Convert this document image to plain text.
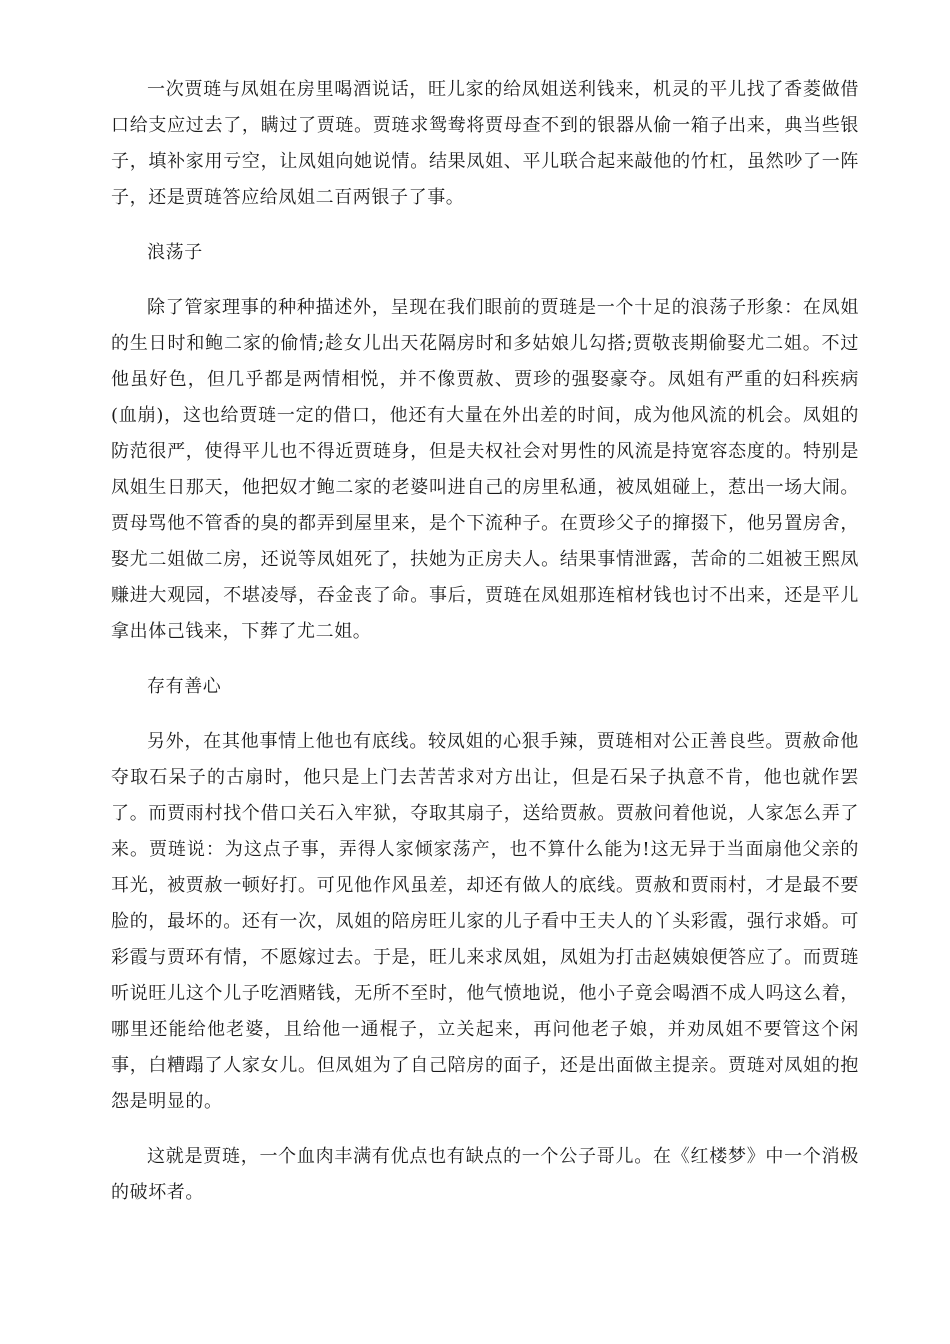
一次贾琏与凤姐在房里喝酒说话，旺儿家的给凤姐送利钱来，机灵的平儿找了香菱做借口给支应过去了，瞒过了贾琏。贾琏求鸳鸯将贾母查不到的银器从偷一箱子出来，典当些银子，填补家用亏空，让凤姐向她说情。结果凤姐、平儿联合起来敲他的竹杠，虽然吵了一阵子，还是贾琏答应给凤姐二百两银子了事。

浪荡子

除了管家理事的种种描述外，呈现在我们眼前的贾琏是一个十足的浪荡子形象：在凤姐的生日时和鲍二家的偷情;趁女儿出天花隔房时和多姑娘儿勾搭;贾敬丧期偷娶尤二姐。不过他虽好色，但几乎都是两情相悦，并不像贾赦、贾珍的强娶豪夺。凤姐有严重的妇科疾病(血崩)，这也给贾琏一定的借口，他还有大量在外出差的时间，成为他风流的机会。凤姐的防范很严，使得平儿也不得近贾琏身，但是夫权社会对男性的风流是持宽容态度的。特别是凤姐生日那天，他把奴才鲍二家的老婆叫进自己的房里私通，被凤姐碰上，惹出一场大闹。贾母骂他不管香的臭的都弄到屋里来，是个下流种子。在贾珍父子的撺掇下，他另置房舍，娶尤二姐做二房，还说等凤姐死了，扶她为正房夫人。结果事情泄露，苦命的二姐被王熙凤赚进大观园，不堪凌辱，吞金丧了命。事后，贾琏在凤姐那连棺材钱也讨不出来，还是平儿拿出体己钱来，下葬了尤二姐。

存有善心

另外，在其他事情上他也有底线。较凤姐的心狠手辣，贾琏相对公正善良些。贾赦命他夺取石呆子的古扇时，他只是上门去苦苦求对方出让，但是石呆子执意不肯，他也就作罢了。而贾雨村找个借口关石入牢狱，夺取其扇子，送给贾赦。贾赦问着他说，人家怎么弄了来。贾琏说：为这点子事，弄得人家倾家荡产，也不算什么能为!这无异于当面扇他父亲的耳光，被贾赦一顿好打。可见他作风虽差，却还有做人的底线。贾赦和贾雨村，才是最不要脸的，最坏的。还有一次，凤姐的陪房旺儿家的儿子看中王夫人的丫头彩霞，强行求婚。可彩霞与贾环有情，不愿嫁过去。于是，旺儿来求凤姐，凤姐为打击赵姨娘便答应了。而贾琏听说旺儿这个儿子吃酒赌钱，无所不至时，他气愤地说，他小子竟会喝酒不成人吗这么着，哪里还能给他老婆，且给他一通棍子，立关起来，再问他老子娘，并劝凤姐不要管这个闲事，白糟蹋了人家女儿。但凤姐为了自己陪房的面子，还是出面做主提亲。贾琏对凤姐的抱怨是明显的。

这就是贾琏，一个血肉丰满有优点也有缺点的一个公子哥儿。在《红楼梦》中一个消极的破坏者。
